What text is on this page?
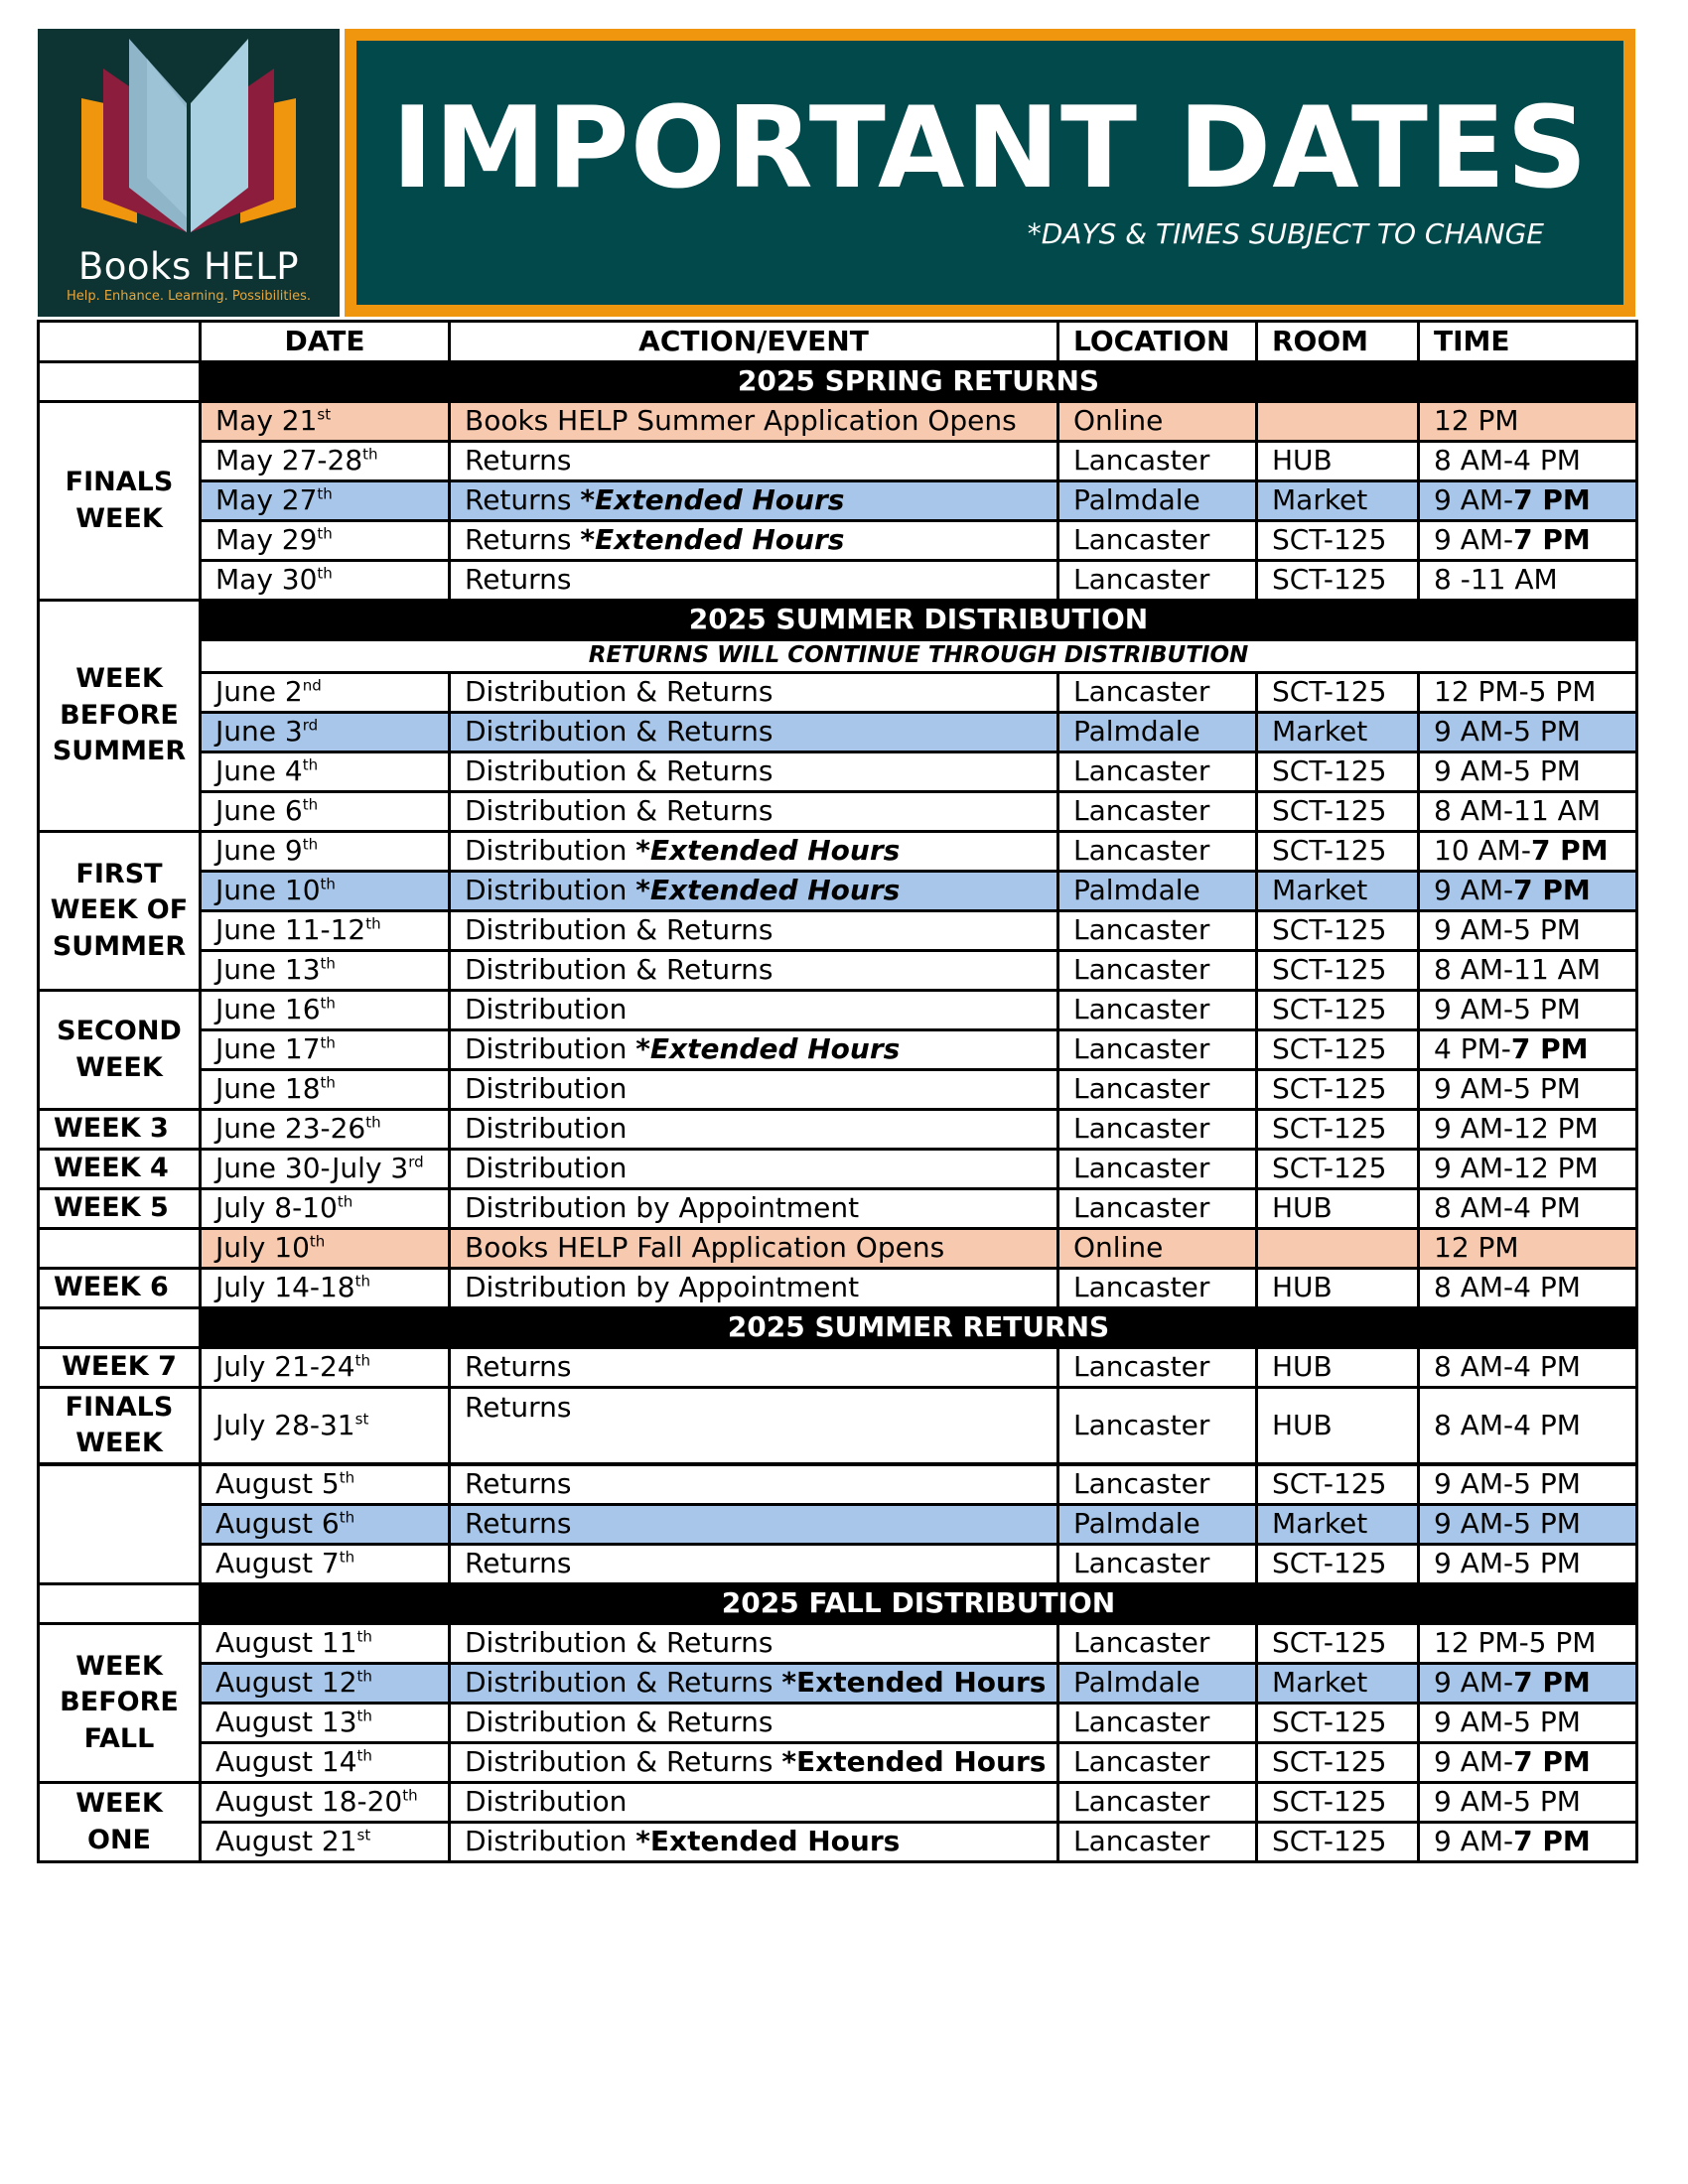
Books HELP
Help. Enhance. Learning. Possibilities.
IMPORTANT DATES
*DAYS & TIMES SUBJECT TO CHANGE
	DATE	ACTION/EVENT	LOCATION	ROOM	TIME
	2025 SPRING RETURNS				
FINALS WEEK	May 21st	Books HELP Summer Application Opens	Online		12 PM
	May 27-28th	Returns	Lancaster	HUB	8 AM-4 PM
	May 27th	Returns *Extended Hours	Palmdale	Market	9 AM-7 PM
	May 29th	Returns *Extended Hours	Lancaster	SCT-125	9 AM-7 PM
	May 30th	Returns	Lancaster	SCT-125	8 -11 AM
WEEK BEFORE SUMMER	2025 SUMMER DISTRIBUTION				
	RETURNS WILL CONTINUE THROUGH DISTRIBUTION				
	June 2nd	Distribution & Returns	Lancaster	SCT-125	12 PM-5 PM
	June 3rd	Distribution & Returns	Palmdale	Market	9 AM-5 PM
	June 4th	Distribution & Returns	Lancaster	SCT-125	9 AM-5 PM
	June 6th	Distribution & Returns	Lancaster	SCT-125	8 AM-11 AM
FIRST WEEK OF SUMMER	June 9th	Distribution *Extended Hours	Lancaster	SCT-125	10 AM-7 PM
	June 10th	Distribution *Extended Hours	Palmdale	Market	9 AM-7 PM
	June 11-12th	Distribution & Returns	Lancaster	SCT-125	9 AM-5 PM
	June 13th	Distribution & Returns	Lancaster	SCT-125	8 AM-11 AM
SECOND WEEK	June 16th	Distribution	Lancaster	SCT-125	9 AM-5 PM
	June 17th	Distribution *Extended Hours	Lancaster	SCT-125	4 PM-7 PM
	June 18th	Distribution	Lancaster	SCT-125	9 AM-5 PM
WEEK 3	June 23-26th	Distribution	Lancaster	SCT-125	9 AM-12 PM
WEEK 4	June 30-July 3rd	Distribution	Lancaster	SCT-125	9 AM-12 PM
WEEK 5	July 8-10th	Distribution by Appointment	Lancaster	HUB	8 AM-4 PM
	July 10th	Books HELP Fall Application Opens	Online		12 PM
WEEK 6	July 14-18th	Distribution by Appointment	Lancaster	HUB	8 AM-4 PM
	2025 SUMMER RETURNS				
WEEK 7	July 21-24th	Returns	Lancaster	HUB	8 AM-4 PM
FINALS WEEK	July 28-31st	Returns	Lancaster	HUB	8 AM-4 PM
	August 5th	Returns	Lancaster	SCT-125	9 AM-5 PM
	August 6th	Returns	Palmdale	Market	9 AM-5 PM
	August 7th	Returns	Lancaster	SCT-125	9 AM-5 PM
	2025 FALL DISTRIBUTION				
WEEK BEFORE FALL	August 11th	Distribution & Returns	Lancaster	SCT-125	12 PM-5 PM
	August 12th	Distribution & Returns *Extended Hours	Palmdale	Market	9 AM-7 PM
	August 13th	Distribution & Returns	Lancaster	SCT-125	9 AM-5 PM
	August 14th	Distribution & Returns *Extended Hours	Lancaster	SCT-125	9 AM-7 PM
WEEK ONE	August 18-20th	Distribution	Lancaster	SCT-125	9 AM-5 PM
	August 21st	Distribution *Extended Hours	Lancaster	SCT-125	9 AM-7 PM
